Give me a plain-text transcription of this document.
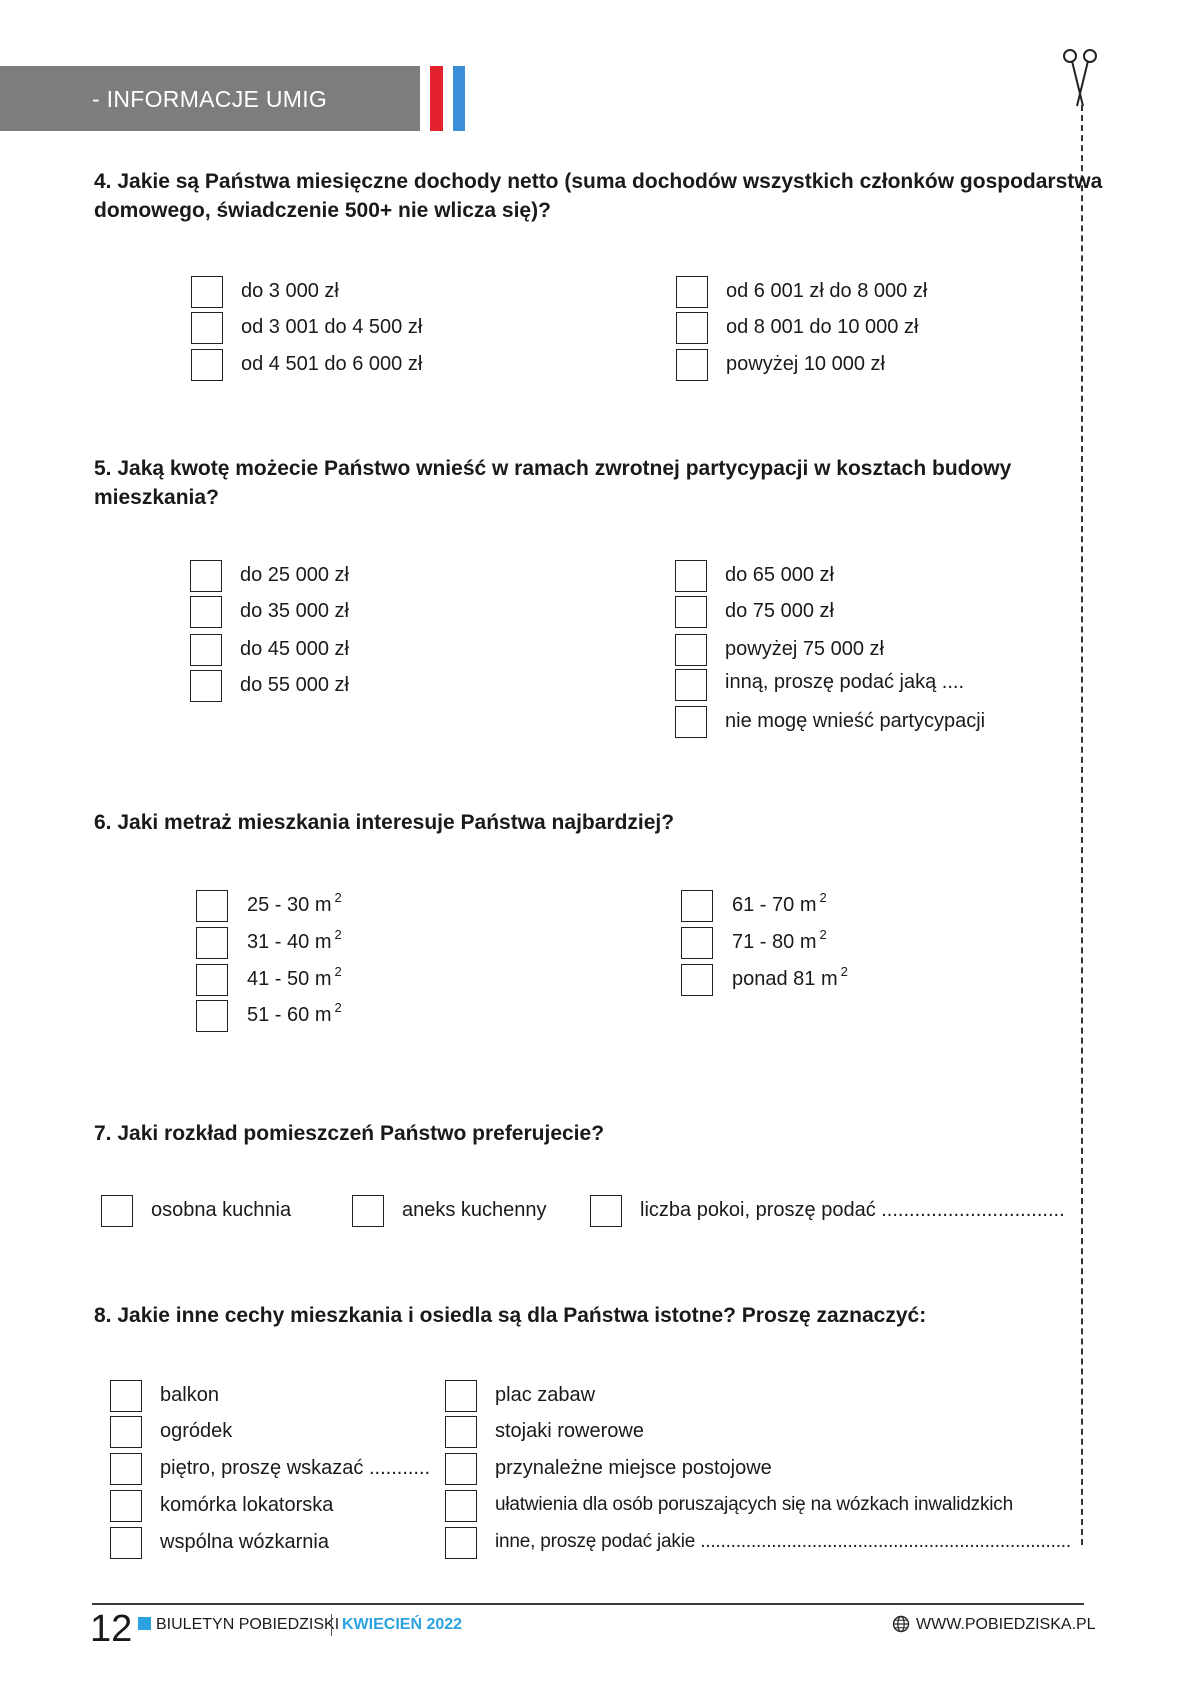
- INFORMACJE UMIG
4. Jakie są Państwa miesięczne dochody netto (suma dochodów wszystkich członków gospodarstwa
domowego, świadczenie 500+ nie wlicza się)?
do 3 000 zł
od 3 001 do 4 500 zł
od 4 501 do 6 000 zł
od 6 001 zł do 8 000 zł
od 8 001 do 10 000 zł
powyżej 10 000 zł
5. Jaką kwotę możecie Państwo wnieść w ramach zwrotnej partycypacji w kosztach budowy
mieszkania?
do 25 000 zł
do 35 000 zł
do 45 000 zł
do 55 000 zł
do 65 000 zł
do 75 000 zł
powyżej 75 000 zł
inną, proszę podać jaką ....
nie mogę wnieść partycypacji
6. Jaki metraż mieszkania interesuje Państwa najbardziej?
25 - 30 m $^2$
31 - 40 m $^2$
41 - 50 m $^2$
51 - 60 m $^2$
61 - 70 m $^2$
71 - 80 m $^2$
ponad 81 m $^2$
7. Jaki rozkład pomieszczeń Państwo preferujecie?
osobna kuchnia	aneks kuchenny	liczba pokoi, proszę podać .................................
8. Jakie inne cechy mieszkania i osiedla są dla Państwa istotne? Proszę zaznaczyć:
balkon
ogródek
piętro, proszę wskazać ...........
komórka lokatorska
wspólna wózkarnia
plac zabaw
stojaki rowerowe
przynależne miejsce postojowe
ułatwienia dla osób poruszających się na wózkach inwalidzkich
inne, proszę podać jakie .........................................................................
12 BIULETYN POBIEDZISKI KWIECIEŃ 2022	WWW.POBIEDZISKA.PL
